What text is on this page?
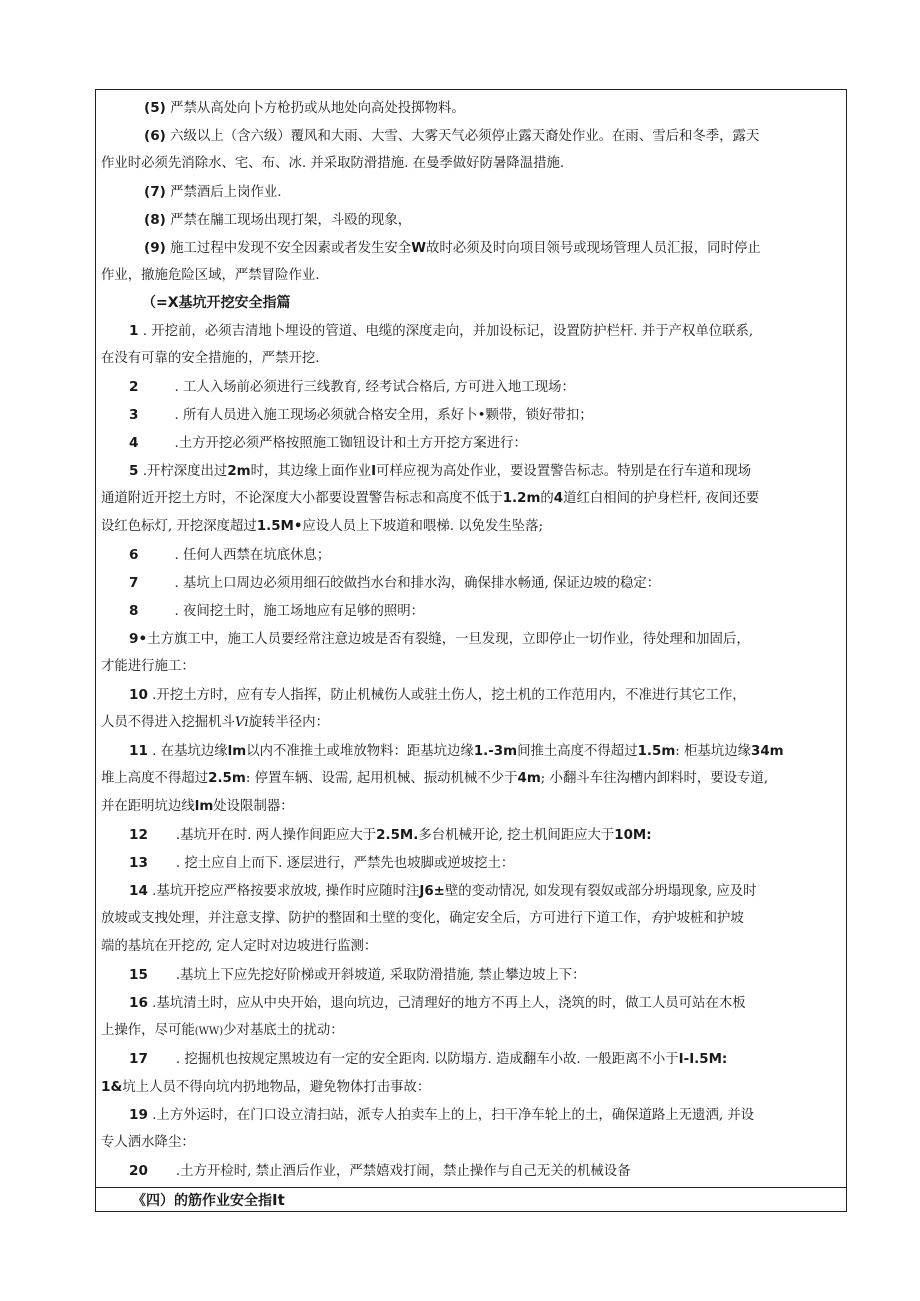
(5) 严禁从高处向卜方枪扔或从地处向高处投掷物料。
(6) 六级以上（含六级）覆风和大雨、大雪、大雾天气必须停止露天裔处作业。在雨、雪后和冬季，露天
作业时必须先消除水、宅、布、冰. 并采取防滑措施. 在曼季做好防暑降温措施.
(7) 严禁酒后上岗作业.
(8) 严禁在牖工现场出现打架，斗殴的现象，
(9) 施工过程中发现不安全因素或者发生安全W故时必须及时向项目领号或现场管理人员汇报，同时停止
作业，撤施危险区域，严禁冒险作业.
（=X基坑开挖安全指篇
1 . 开挖前，必须吉清地卜埋设的管道、电缆的深度走向，并加设标记，设置防护栏杆. 并于产权单位联系,
在没有可靠的安全措施的，严禁开挖.
2	. 工人入场前必须进行三线教育, 经考试合格后, 方可进入地工现场：
3	. 所有人员进入施工现场必须就合格安全用，系好卜•颗带，锁好带扣；
4	.土方开挖必须严格按照施工铷钮设计和土方开挖方案进行：
5 .开柠深度出过2m时，其边缘上面作业I可样应视为高处作业，要设置警告标志。特别是在行车道和现场
通道附近开挖土方时，不论深度大小都要设置警告标志和高度不低于1.2m的4道红白相间的护身栏杆, 夜间还要
设红色标灯, 开挖深度超过1.5M•应设人员上下坡道和喂梯. 以免发生坠落;
6	. 任何人西禁在坑底休息；
7	. 基坑上口周边必须用细石皎做挡水台和排水沟，确保排水畅通, 保证边坡的稳定：
8	. 夜间挖土时，施工场地应有足够的照明：
9•土方旗工中，施工人员要经常注意边坡是否有裂缝，一旦发现，立即停止一切作业，待处理和加固后，
才能进行施工：
10 .开挖土方时，应有专人指挥，防止机械伤人或驻土伤人，挖土机的工作范用内，不准进行其它工作，
人员不得进入挖掘机斗Vi旋转半径内：
11 . 在基坑边缘lm以内不准推土或堆放物料：距基坑边缘1.-3m间推土高度不得超过1.5m: 柜基坑边缘34m
堆上高度不得超过2.5m: 停置车辆、设需, 起用机械、振动机械不少于4m; 小翻斗车往沟槽内卸料时，要设专道,
并在距明坑边线lm处设限制器：
12 .基坑开在时. 两人操作间距应大于2.5M.多台机械开论, 挖土机间距应大于10M:
13 . 挖土应自上而下. 逐层进行，严禁先也坡脚或逆坡挖土：
14 .基坑开挖应严格按要求放坡, 操作时应随时注J6±壁的变动情况, 如发现有裂奴或部分坍塌现象, 应及时
放坡或支拽处理，并注意支撑、防护的整固和土壁的变化，确定安全后，方可进行下道工作，有护坡桩和护坡
端的基坑在开挖的, 定人定时对边坡进行监测：
15 .基坑上下应先挖好阶梯或开斜坡道, 采取防滑措施, 禁止攀边坡上下：
16 .基坑清土时，应从中央开始，退向坑边，己清理好的地方不再上人，浇筑的时，做工人员可站在木板
上操作，尽可能(WW)少对基底土的扰动：
17 . 挖掘机也按规定黑坡边有一定的安全距肉. 以防塌方. 造成翻车小故. 一般距离不小于I-I.5M:
1&坑上人员不得向坑内扔地物品，避免物体打击事故：
19 .上方外运时，在门口设立清扫站，派专人拍卖车上的上，扫干净车轮上的土，确保道路上无遗洒, 并设
专人洒水降尘：
20 .土方开检时, 禁止酒后作业，严禁嬉戏打闹，禁止操作与自己无关的机械设备
《四）的筋作业安全指It
